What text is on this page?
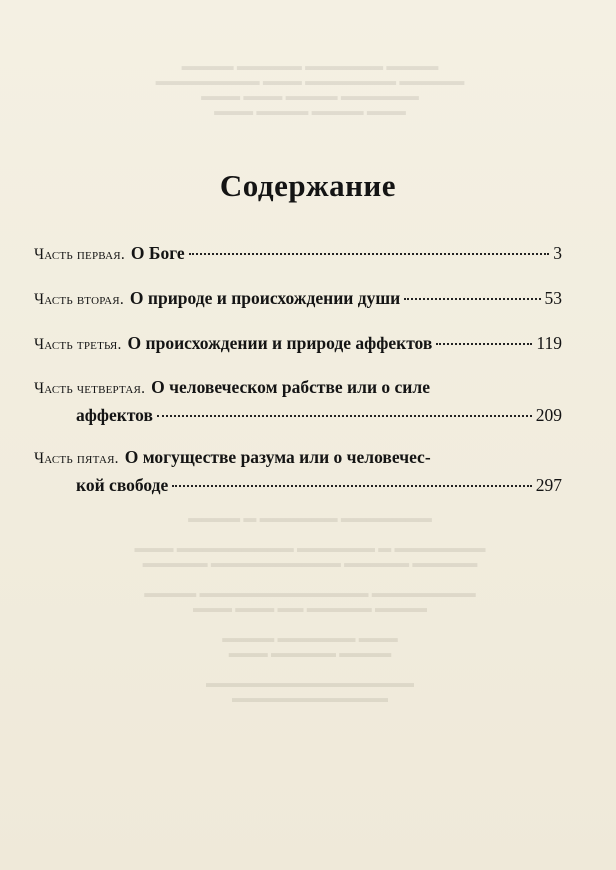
▬▬▬▬ ▬▬▬▬▬▬ ▬▬▬▬▬ ▬▬▬▬
▬▬▬▬▬ ▬▬▬▬▬▬▬ ▬▬▬ ▬▬▬▬▬▬▬▬
▬▬▬▬▬▬ ▬▬▬▬ ▬▬▬ ▬▬▬
▬▬▬ ▬▬▬▬ ▬▬▬▬ ▬▬▬
▬▬▬▬▬▬▬ ▬▬▬▬▬▬ ▬ ▬▬▬▬

▬▬▬▬▬▬▬ ▬ ▬▬▬▬▬▬ ▬▬▬▬▬▬▬▬▬ ▬▬▬
▬▬▬▬▬ ▬▬▬▬▬ ▬▬▬▬▬▬▬▬▬▬ ▬▬▬▬▬

▬▬▬▬▬▬▬▬ ▬▬▬▬▬▬▬▬▬▬▬▬▬ ▬▬▬▬
▬▬▬▬ ▬▬▬▬▬ ▬▬ ▬▬▬ ▬▬▬

▬▬▬ ▬▬▬▬▬▬ ▬▬▬▬
▬▬▬▬ ▬▬▬▬▬ ▬▬▬

▬▬▬▬▬▬▬▬▬▬▬▬▬▬▬▬
▬▬▬▬▬▬▬▬▬▬▬▬
Содержание
Часть первая. О Боге	3
Часть вторая. О природе и происхождении души	53
Часть третья. О происхождении и природе аффектов	119
Часть четвертая. О человеческом рабстве или о силе
аффектов	209
Часть пятая. О могуществе разума или о человечес-
кой свободе	297
